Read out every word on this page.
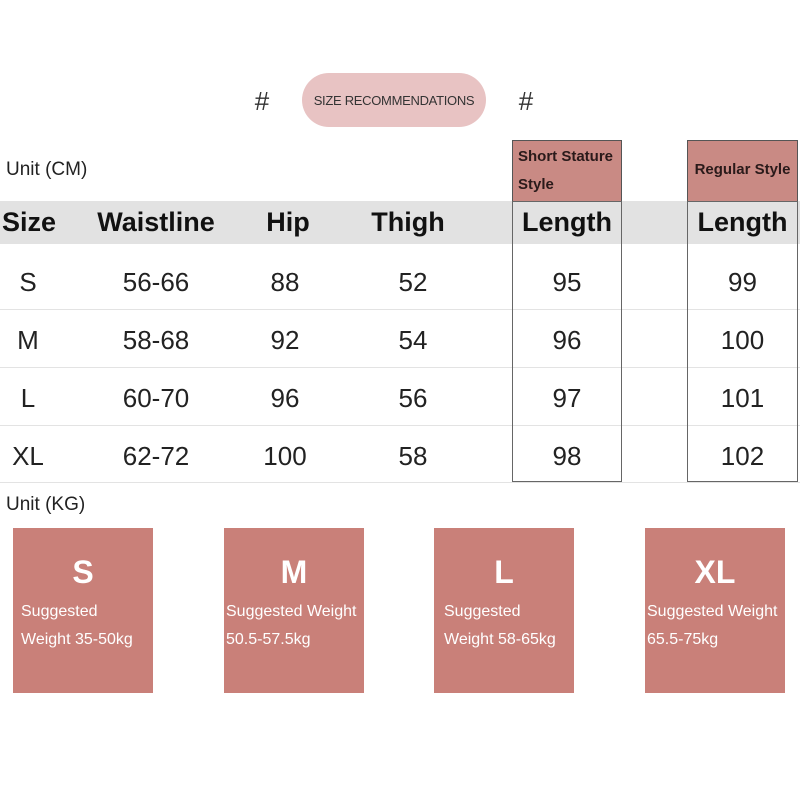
#	SIZE RECOMMENDATIONS #
Unit (CM)
Short Stature Style
Regular Style
Size	Waistline	Hip	Thigh	Length	Length
S	56-66	88	52	95	99
M	58-68	92	54	96	100
L	60-70	96	56	97	101
XL	62-72	100	58	98	102
Unit (KG)
S
Suggested Weight 35-50kg
M
Suggested Weight 50.5-57.5kg
L
Suggested Weight 58-65kg
XL
Suggested Weight 65.5-75kg
